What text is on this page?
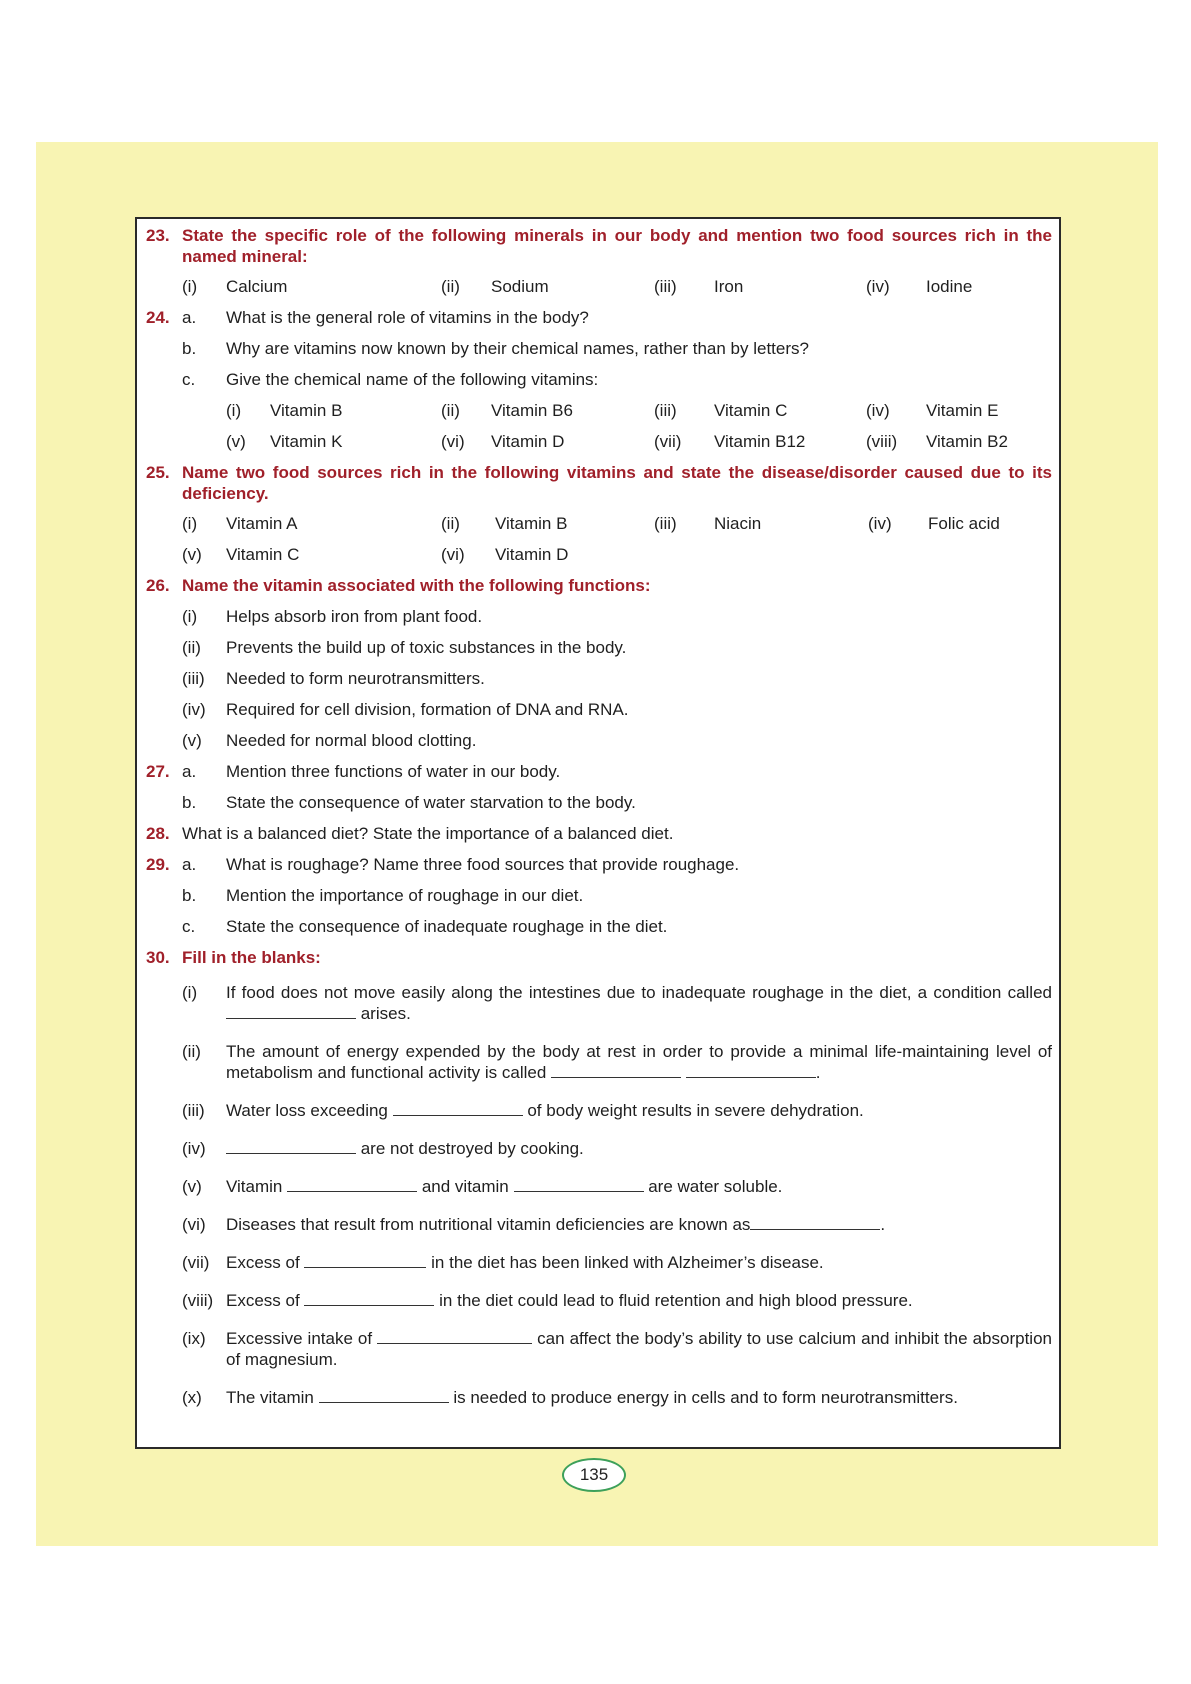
23. State the specific role of the following minerals in our body and mention two food sources rich in the named mineral:
(i) Calcium	(ii) Sodium	(iii) Iron	(iv) Iodine
24. a. What is the general role of vitamins in the body?
b. Why are vitamins now known by their chemical names, rather than by letters?
c. Give the chemical name of the following vitamins:
(i) Vitamin B	(ii) Vitamin B6	(iii) Vitamin C	(iv) Vitamin E
(v) Vitamin K	(vi) Vitamin D	(vii) Vitamin B12	(viii) Vitamin B2
25. Name two food sources rich in the following vitamins and state the disease/disorder caused due to its deficiency.
(i) Vitamin A	(ii) Vitamin B	(iii) Niacin	(iv) Folic acid
(v) Vitamin C	(vi) Vitamin D
26. Name the vitamin associated with the following functions:
(i) Helps absorb iron from plant food.
(ii) Prevents the build up of toxic substances in the body.
(iii) Needed to form neurotransmitters.
(iv) Required for cell division, formation of DNA and RNA.
(v) Needed for normal blood clotting.
27. a. Mention three functions of water in our body.
b. State the consequence of water starvation to the body.
28. What is a balanced diet? State the importance of a balanced diet.
29. a. What is roughage? Name three food sources that provide roughage.
b. Mention the importance of roughage in our diet.
c. State the consequence of inadequate roughage in the diet.
30. Fill in the blanks:
(i) If food does not move easily along the intestines due to inadequate roughage in the diet, a condition called  arises.
(ii) The amount of energy expended by the body at rest in order to provide a minimal life-maintaining level of metabolism and functional activity is called	.
(iii) Water loss exceeding	of body weight results in severe dehydration.
(iv)	are not destroyed by cooking.
(v) Vitamin	and vitamin	are water soluble.
(vi) Diseases that result from nutritional vitamin deficiencies are known as	.
(vii) Excess of	in the diet has been linked with Alzheimer’s disease.
(viii) Excess of	in the diet could lead to fluid retention and high blood pressure.
(ix) Excessive intake of	can affect the body’s ability to use calcium and inhibit the absorption of magnesium.
(x) The vitamin	is needed to produce energy in cells and to form neurotransmitters.
135
